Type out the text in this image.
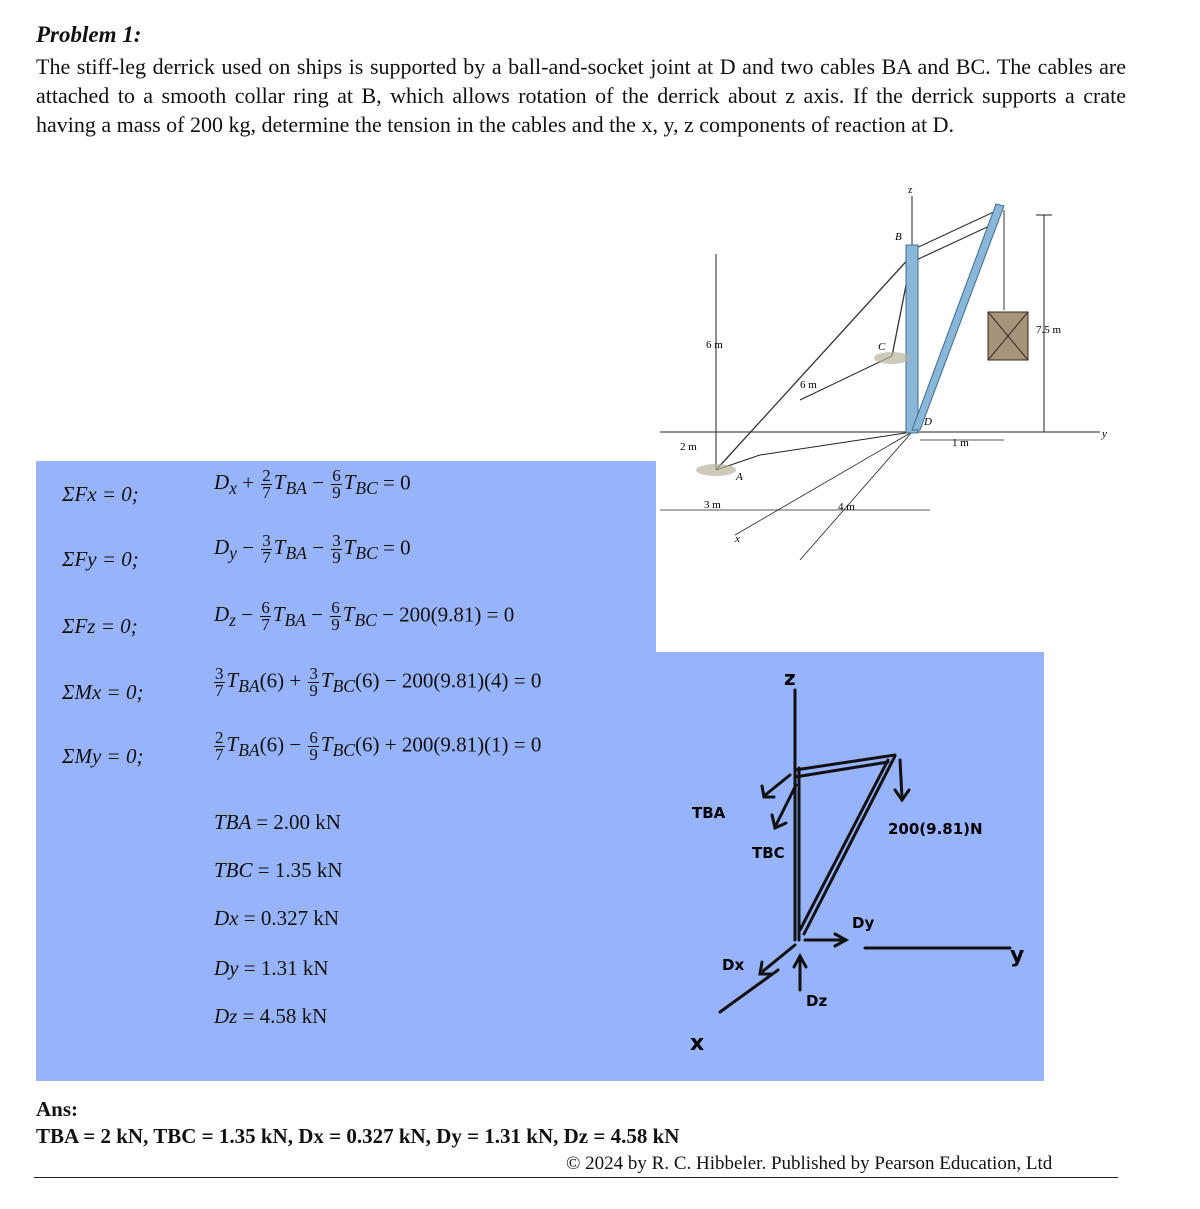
Problem 1:
The stiff-leg derrick used on ships is supported by a ball-and-socket joint at D and two cables BA and BC. The cables are attached to a smooth collar ring at B, which allows rotation of the derrick about z axis. If the derrick supports a crate having a mass of 200 kg, determine the tension in the cables and the x, y, z components of reaction at D.
z
B
C
D
A
x
y
6 m
6 m
2 m
3 m	4 m
1 m
7.5 m
ΣFx = 0;	$D_x + \frac{2}{7} T_{BA} - \frac{6}{9} T_{BC} = 0$
ΣFy = 0;	$D_y - \frac{3}{7} T_{BA} - \frac{3}{9} T_{BC} = 0$
ΣFz = 0;	$D_z - \frac{6}{7} T_{BA} - \frac{6}{9} T_{BC} - 200(9.81) = 0$
ΣMx = 0;	$\frac{3}{7} T_{BA}(6) + \frac{3}{9} T_{BC}(6) - 200(9.81)(4) = 0$
ΣMy = 0;	$\frac{2}{7} T_{BA}(6) - \frac{6}{9} T_{BC}(6) + 200(9.81)(1) = 0$
TBA = 2.00 kN
TBC = 1.35 kN
Dx = 0.327 kN
Dy = 1.31 kN
Dz = 4.58 kN
z
x
y
TBA
TBC
Dx
Dy
Dz
200(9.81)N
Ans:
TBA = 2 kN, TBC = 1.35 kN, Dx = 0.327 kN, Dy = 1.31 kN, Dz = 4.58 kN
© 2024 by R. C. Hibbeler. Published by Pearson Education, Ltd
